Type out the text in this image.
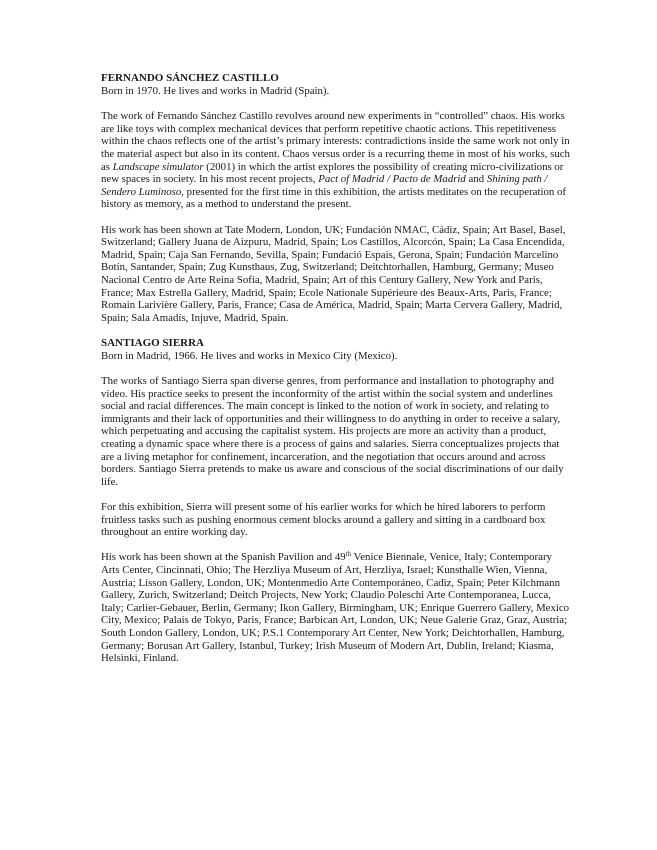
FERNANDO SÁNCHEZ CASTILLO

Born in 1970. He lives and works in Madrid (Spain).

The work of Fernando Sánchez Castillo revolves around new experiments in “controlled” chaos. His works are like toys with complex mechanical devices that perform repetitive chaotic actions. This repetitiveness within the chaos reflects one of the artist’s primary interests: contradictions inside the same work not only in the material aspect but also in its content. Chaos versus order is a recurring theme in most of his works, such as Landscape simulator (2001) in which the artist explores the possibility of creating micro-civilizations or new spaces in society. In his most recent projects, Pact of Madrid / Pacto de Madrid and Shining path / Sendero Luminoso, presented for the first time in this exhibition, the artists meditates on the recuperation of history as memory, as a method to understand the present.

His work has been shown at Tate Modern, London, UK; Fundación NMAC, Cádiz, Spain; Art Basel, Basel, Switzerland; Gallery Juana de Aizpuru, Madrid, Spain; Los Castillos, Alcorcón, Spain; La Casa Encendida, Madrid, Spain; Caja San Fernando, Sevilla, Spain; Fundació Espais, Gerona, Spain; Fundación Marcelino Botín, Santander, Spain; Zug Kunsthaus, Zug, Switzerland; Deitchtorhallen, Hamburg, Germany; Museo Nacional Centro de Arte Reina Sofía, Madrid, Spain; Art of this Century Gallery, New York and Paris, France; Max Estrella Gallery, Madrid, Spain; Ecole Nationale Supérieure des Beaux-Arts, Paris, France; Romain Larivière Gallery, Paris, France; Casa de América, Madrid, Spain; Marta Cervera Gallery, Madrid, Spain; Sala Amadís, Injuve, Madrid, Spain.

SANTIAGO SIERRA

Born in Madrid, 1966. He lives and works in Mexico City (Mexico).

The works of Santiago Sierra span diverse genres, from performance and installation to photography and video. His practice seeks to present the inconformity of the artist within the social system and underlines social and racial differences. The main concept is linked to the notion of work in society, and relating to immigrants and their lack of opportunities and their willingness to do anything in order to receive a salary, which perpetuating and accusing the capitalist system. His projects are more an activity than a product, creating a dynamic space where there is a process of gains and salaries. Sierra conceptualizes projects that are a living metaphor for confinement, incarceration, and the negotiation that occurs around and across borders. Santiago Sierra pretends to make us aware and conscious of the social discriminations of our daily life.

For this exhibition, Sierra will present some of his earlier works for which he hired laborers to perform fruitless tasks such as pushing enormous cement blocks around a gallery and sitting in a cardboard box throughout an entire working day.

His work has been shown at the Spanish Pavilion and 49th Venice Biennale, Venice, Italy; Contemporary Arts Center, Cincinnati, Ohio; The Herzliya Museum of Art, Herzliya, Israel; Kunsthalle Wien, Vienna, Austria; Lisson Gallery, London, UK; Montenmedio Arte Contemporáneo, Cadiz, Spain; Peter Kilchmann Gallery, Zurich, Switzerland; Deitch Projects, New York; Claudio Poleschi Arte Contemporanea, Lucca, Italy; Carlier-Gebauer, Berlin, Germany; Ikon Gallery, Birmingham, UK; Enrique Guerrero Gallery, Mexico City, Mexico; Palais de Tokyo, Paris, France; Barbican Art, London, UK; Neue Galerie Graz, Graz, Austria; South London Gallery, London, UK; P.S.1 Contemporary Art Center, New York; Deichtorhallen, Hamburg, Germany; Borusan Art Gallery, Istanbul, Turkey; Irish Museum of Modern Art, Dublin, Ireland; Kiasma, Helsinki, Finland.
